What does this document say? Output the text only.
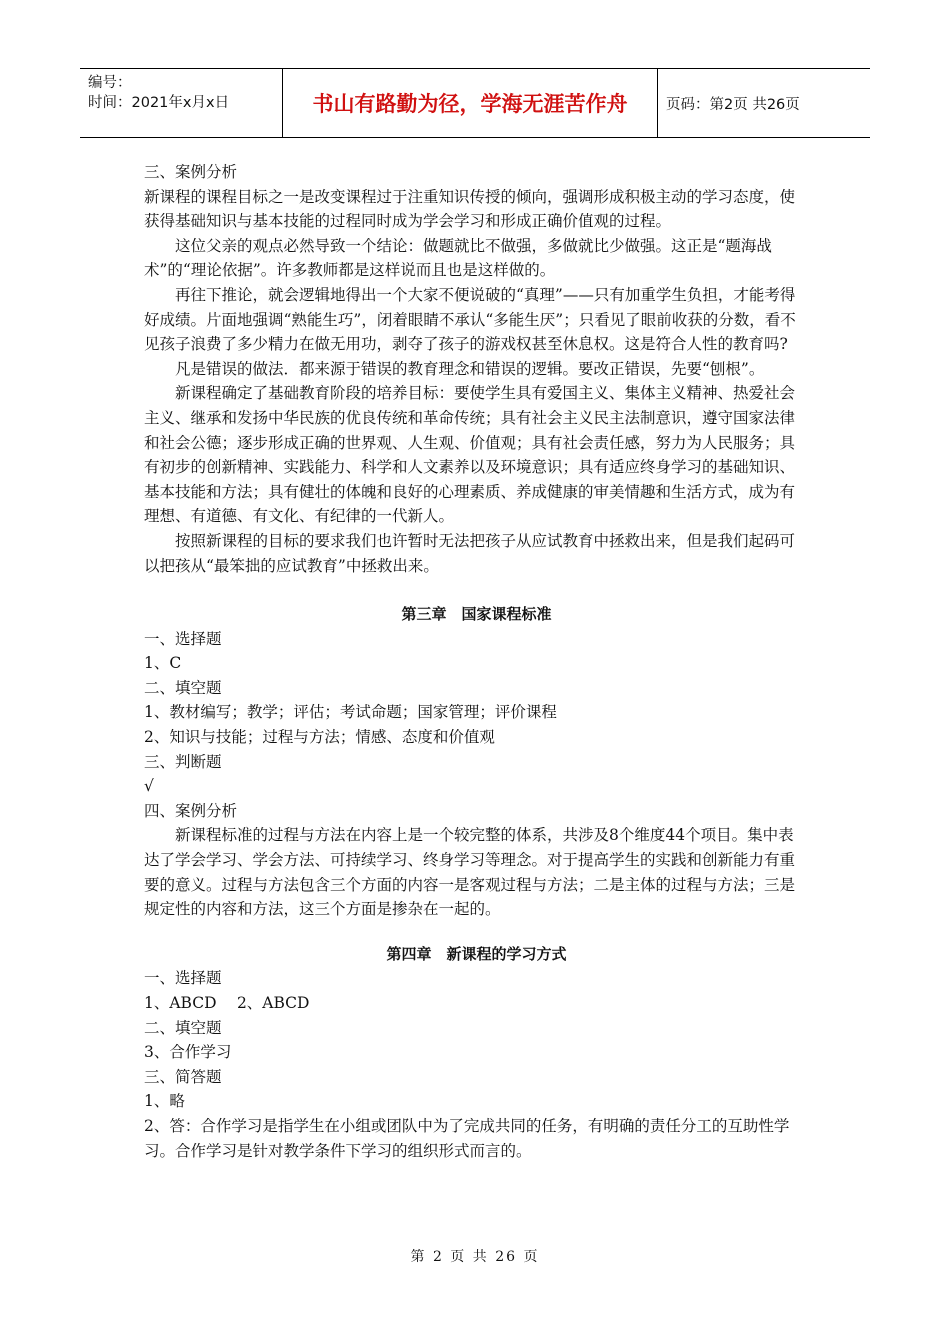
编号：
时间：2021年x月x日	书山有路勤为径，学海无涯苦作舟	页码：第2页 共26页

三、案例分析

新课程的课程目标之一是改变课程过于注重知识传授的倾向，强调形成积极主动的学习态度，使获得基础知识与基本技能的过程同时成为学会学习和形成正确价值观的过程。

这位父亲的观点必然导致一个结论：做题就比不做强，多做就比少做强。这正是“题海战术”的“理论依据”。许多教师都是这样说而且也是这样做的。

再往下推论，就会逻辑地得出一个大家不便说破的“真理”——只有加重学生负担，才能考得好成绩。片面地强调“熟能生巧”，闭着眼睛不承认“多能生厌”；只看见了眼前收获的分数，看不见孩子浪费了多少精力在做无用功，剥夺了孩子的游戏权甚至休息权。这是符合人性的教育吗?

凡是错误的做法．都来源于错误的教育理念和错误的逻辑。要改正错误，先要“刨根”。

新课程确定了基础教育阶段的培养目标：要使学生具有爱国主义、集体主义精神、热爱社会主义、继承和发扬中华民族的优良传统和革命传统；具有社会主义民主法制意识，遵守国家法律和社会公德；逐步形成正确的世界观、人生观、价值观；具有社会责任感，努力为人民服务；具有初步的创新精神、实践能力、科学和人文素养以及环境意识；具有适应终身学习的基础知识、基本技能和方法；具有健壮的体魄和良好的心理素质、养成健康的审美情趣和生活方式，成为有理想、有道德、有文化、有纪律的一代新人。

按照新课程的目标的要求我们也许暂时无法把孩子从应试教育中拯救出来，但是我们起码可以把孩从“最笨拙的应试教育”中拯救出来。

第三章　国家课程标准

一、选择题

1、C

二、填空题

1、教材编写；教学；评估；考试命题；国家管理；评价课程

2、知识与技能；过程与方法；情感、态度和价值观

三、判断题

√

四、案例分析

新课程标准的过程与方法在内容上是一个较完整的体系，共涉及8个维度44个项目。集中表达了学会学习、学会方法、可持续学习、终身学习等理念。对于提高学生的实践和创新能力有重要的意义。过程与方法包含三个方面的内容一是客观过程与方法；二是主体的过程与方法；三是规定性的内容和方法，这三个方面是掺杂在一起的。

第四章　新课程的学习方式

一、选择题

1、ABCD　 2、ABCD

二、填空题

3、合作学习

三、简答题

1、略

2、答：合作学习是指学生在小组或团队中为了完成共同的任务，有明确的责任分工的互助性学习。合作学习是针对教学条件下学习的组织形式而言的。

第 2 页 共 26 页
